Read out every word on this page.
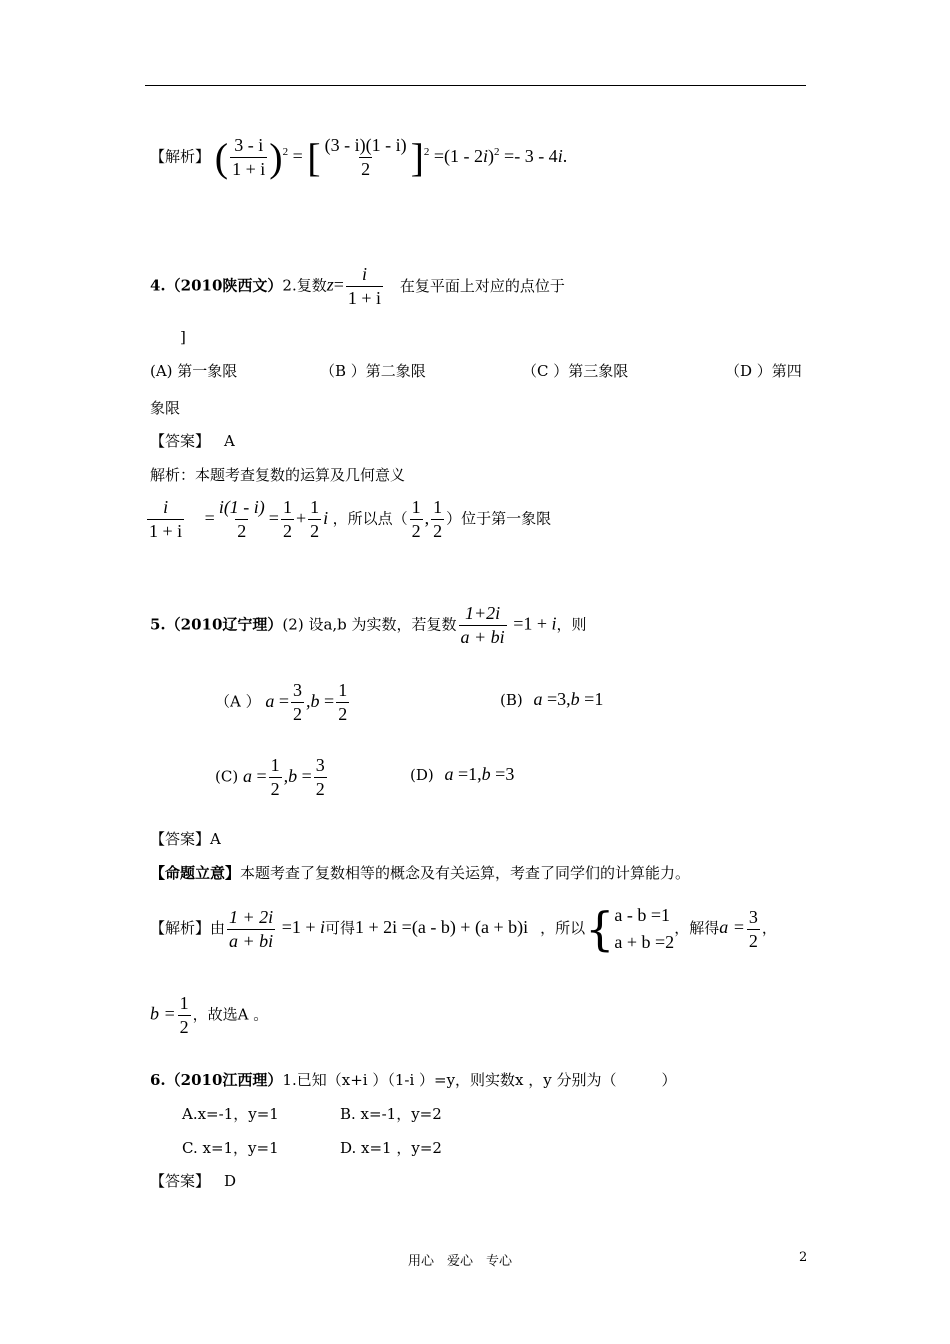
【解析】 ( $\frac{3 - i}{1 + i} )^2$ = [ $\frac{(3 - i)(1 - i)}{2} ]^2 =(1 - 2i)^2 =- 3 - 4i$.
4.（2010陕西文）2.复数$z= \frac{i}{1 + i}$ 在复平面上对应的点位于
]
(A) 第一象限	（B ）第二象限	（C ）第三象限	（D ）第四
象限
【答案】 A
解析：本题考查复数的运算及几何意义
$\frac{i}{1 + i} = \frac{i(1 - i)}{2} = \frac{1}{2} + \frac{1}{2}$ i ，所以点（ $\frac{1}{2}$ , $\frac{1}{2}$ ）位于第一象限
5.（2010辽宁理）(2) 设a,b 为实数，若复数 $\frac{1+2i}{a + bi} =1 + i$，则
（A ） $a = \frac{3}{2} ,b = \frac{1}{2}$	(B) a =3,b =1
(C) $a = \frac{1}{2} ,b = \frac{3}{2}$	(D) a =1,b =3
【答案】A
【命题立意】本题考查了复数相等的概念及有关运算，考查了同学们的计算能力。
【解析】由 $\frac{1 + 2i}{a + bi} =1 + i$可得1 + 2i =(a - b) + (a + b)i ，所以{ a - b =1
a + b =2
，解得$a = \frac{3}{2}$ ，
$b = \frac{1}{2}$ ，故选A 。
6.（2010江西理）1.已知（x+i ）（1-i ）=y，则实数x ，y 分别为（　　　）
A.x=-1，y=1	B. x=-1，y=2
C. x=1，y=1	D. x=1 ，y=2
【答案】 D
用心　爱心　专心	2
